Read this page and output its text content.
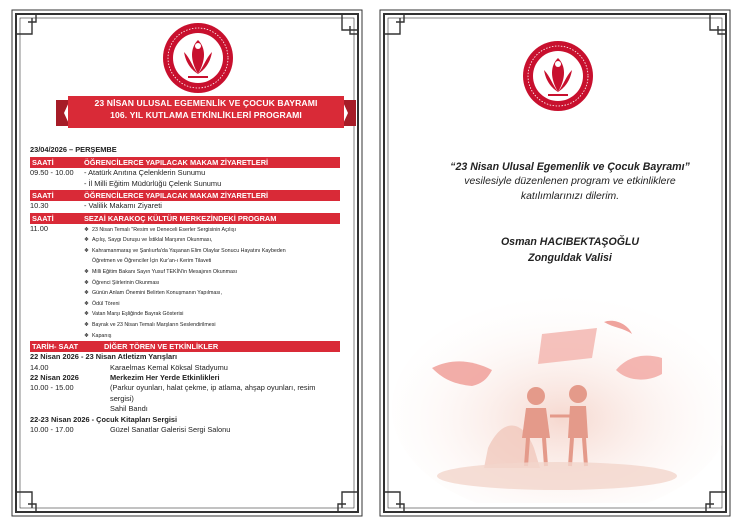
23 NİSAN ULUSAL EGEMENLİK VE ÇOCUK BAYRAMI
106. YIL KUTLAMA ETKİNLİKLERİ PROGRAMI
23/04/2026 – PERŞEMBE
SAATİ	ÖĞRENCİLERCE YAPILACAK MAKAM ZİYARETLERİ
09.50 - 10.00	- Atatürk Anıtına Çelenklerin Sunumu
- İl Milli Eğitim Müdürlüğü Çelenk Sunumu
SAATİ	ÖĞRENCİLERCE YAPILACAK MAKAM ZİYARETLERİ
10.30	- Valilik Makamı Ziyareti
SAATİ	SEZAİ KARAKOÇ KÜLTÜR MERKEZİNDEKİ PROGRAM
11.00	❖ 23 Nisan Temalı "Resim ve Deneceli Eserler Sergisinin Açılışı
❖ Açılış, Saygı Duruşu ve İstiklal Marşının Okunması,
❖ Kahramanmaraş ve Şanlıurfa'da Yaşanan Elim Olaylar Sonucu Hayatını Kaybeden
Öğretmen ve Öğrenciler İçin Kur'an-ı Kerim Tilaveti
❖ Milli Eğitim Bakanı Sayın Yusuf TEKİN'in Mesajının Okunması
❖ Öğrenci Şiirlerinin Okunması
❖ Günün Anlam Önemini Belirten Konuşmanın Yapılması,
❖ Ödül Töreni
❖ Vatan Marşı Eşliğinde Bayrak Gösterisi
❖ Bayrak ve 23 Nisan Temalı Marşların Seslendirilmesi
❖ Kapanış
TARİH- SAAT	DİĞER TÖREN VE ETKİNLİKLER
22 Nisan 2026 - 23 Nisan Atletizm Yarışları
14.00	Karaelmas Kemal Köksal Stadyumu
22 Nisan 2026	Merkezim Her Yerde Etkinlikleri
10.00 - 15.00	(Parkur oyunları, halat çekme, ip atlama, ahşap oyunları, resim sergisi)
Sahil Bandı
22-23 Nisan 2026 - Çocuk Kitapları Sergisi
10.00 - 17.00	Güzel Sanatlar Galerisi Sergi Salonu
“23 Nisan Ulusal Egemenlik ve Çocuk Bayramı”
vesilesiyle düzenlenen program ve etkinliklere
katılımlarınızı dilerim.
Osman HACIBEKTAŞOĞLU
Zonguldak Valisi
